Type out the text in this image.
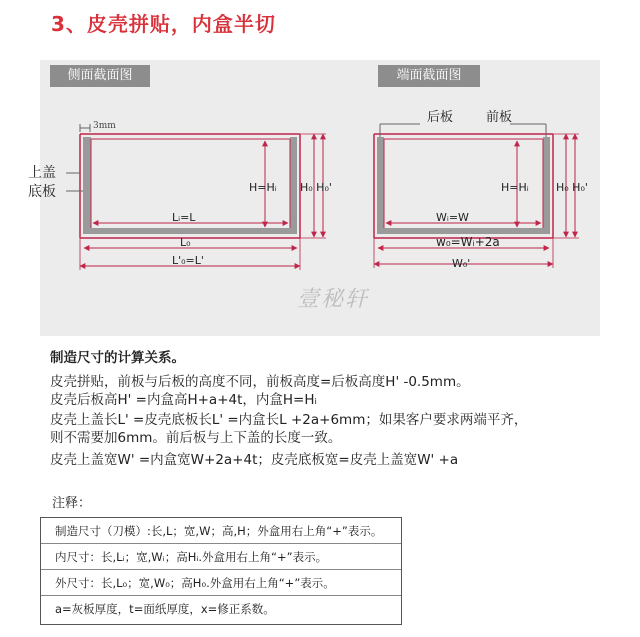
3、皮壳拼贴，内盒半切
侧面截面图	端面截面图
3mm
H=Hᵢ H₀ H₀'
Lᵢ=L
L₀
L'₀=L'
后板	前板
H=Hᵢ H₀ H₀'
Wᵢ=W
w₀=Wᵢ+2a
W₀'
上盖
底板
壹秘轩
制造尺寸的计算关系。
皮壳拼贴，前板与后板的高度不同，前板高度=后板高度H' -0.5mm。
皮壳后板高H' =内盒高H+a+4t，内盒H=Hᵢ
皮壳上盖长L' =皮壳底板长L' =内盒长L +2a+6mm；如果客户要求两端平齐，
则不需要加6mm。前后板与上下盖的长度一致。
皮壳上盖宽W' =内盒宽W+2a+4t；皮壳底板宽=皮壳上盖宽W' +a
注释：
制造尺寸（刀模）:长,L；宽,W；高,H；外盒用右上角“+”表示。
内尺寸：长,Lᵢ；宽,Wᵢ；高Hᵢ.外盒用右上角“+”表示。
外尺寸：长,L₀；宽,W₀；高H₀.外盒用右上角“+”表示。
a=灰板厚度，t=面纸厚度，x=修正系数。
